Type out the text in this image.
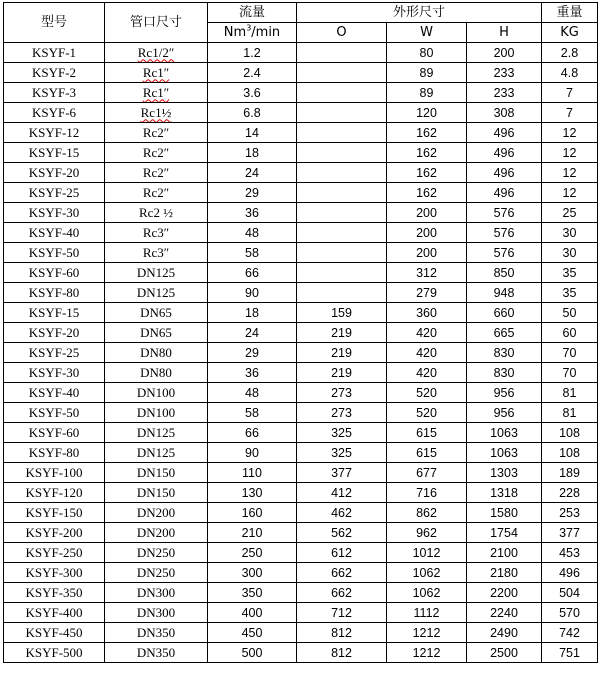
型号	管口尺寸	流量	外形尺寸			重量
		Nm$^3$/min	O	W	H	KG
KSYF-1	Rc1/2″	1.2		80	200	2.8
KSYF-2	Rc1″	2.4		89	233	4.8
KSYF-3	Rc1″	3.6		89	233	7
KSYF-6	Rc1½	6.8		120	308	7
KSYF-12	Rc2″	14		162	496	12
KSYF-15	Rc2″	18		162	496	12
KSYF-20	Rc2″	24		162	496	12
KSYF-25	Rc2″	29		162	496	12
KSYF-30	Rc2 ½	36		200	576	25
KSYF-40	Rc3″	48		200	576	30
KSYF-50	Rc3″	58		200	576	30
KSYF-60	DN125	66		312	850	35
KSYF-80	DN125	90		279	948	35
KSYF-15	DN65	18	159	360	660	50
KSYF-20	DN65	24	219	420	665	60
KSYF-25	DN80	29	219	420	830	70
KSYF-30	DN80	36	219	420	830	70
KSYF-40	DN100	48	273	520	956	81
KSYF-50	DN100	58	273	520	956	81
KSYF-60	DN125	66	325	615	1063	108
KSYF-80	DN125	90	325	615	1063	108
KSYF-100	DN150	110	377	677	1303	189
KSYF-120	DN150	130	412	716	1318	228
KSYF-150	DN200	160	462	862	1580	253
KSYF-200	DN200	210	562	962	1754	377
KSYF-250	DN250	250	612	1012	2100	453
KSYF-300	DN250	300	662	1062	2180	496
KSYF-350	DN300	350	662	1062	2200	504
KSYF-400	DN300	400	712	1112	2240	570
KSYF-450	DN350	450	812	1212	2490	742
KSYF-500	DN350	500	812	1212	2500	751
